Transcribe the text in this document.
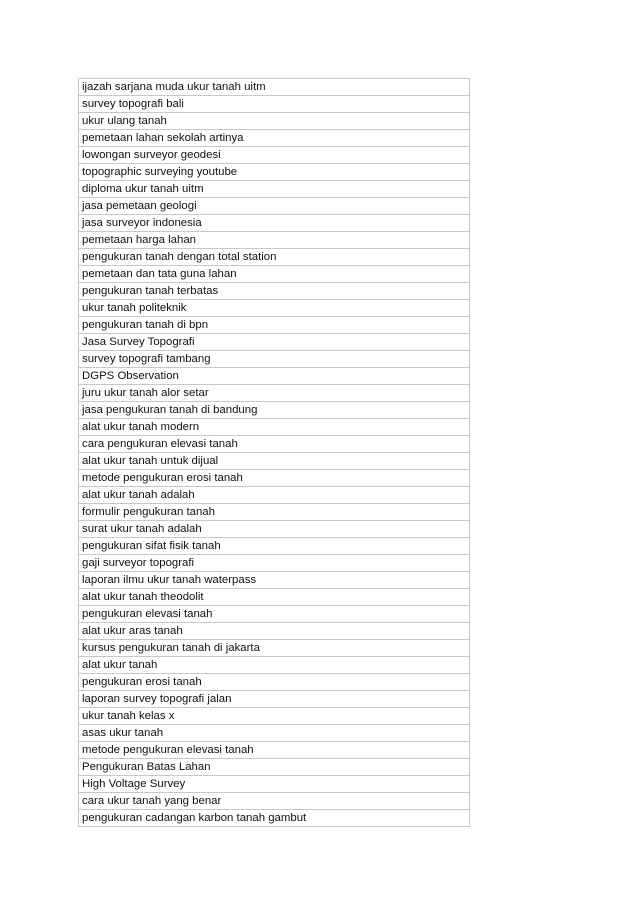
ijazah sarjana muda ukur tanah uitm
survey topografi bali
ukur ulang tanah
pemetaan lahan sekolah artinya
lowongan surveyor geodesi
topographic surveying youtube
diploma ukur tanah uitm
jasa pemetaan geologi
jasa surveyor indonesia
pemetaan harga lahan
pengukuran tanah dengan total station
pemetaan dan tata guna lahan
pengukuran tanah terbatas
ukur tanah politeknik
pengukuran tanah di bpn
Jasa Survey Topografi
survey topografi tambang
DGPS Observation
juru ukur tanah alor setar
jasa pengukuran tanah di bandung
alat ukur tanah modern
cara pengukuran elevasi tanah
alat ukur tanah untuk dijual
metode pengukuran erosi tanah
alat ukur tanah adalah
formulir pengukuran tanah
surat ukur tanah adalah
pengukuran sifat fisik tanah
gaji surveyor topografi
laporan ilmu ukur tanah waterpass
alat ukur tanah theodolit
pengukuran elevasi tanah
alat ukur aras tanah
kursus pengukuran tanah di jakarta
alat ukur tanah
pengukuran erosi tanah
laporan survey topografi jalan
ukur tanah kelas x
asas ukur tanah
metode pengukuran elevasi tanah
Pengukuran Batas Lahan
High Voltage Survey
cara ukur tanah yang benar
pengukuran cadangan karbon tanah gambut
